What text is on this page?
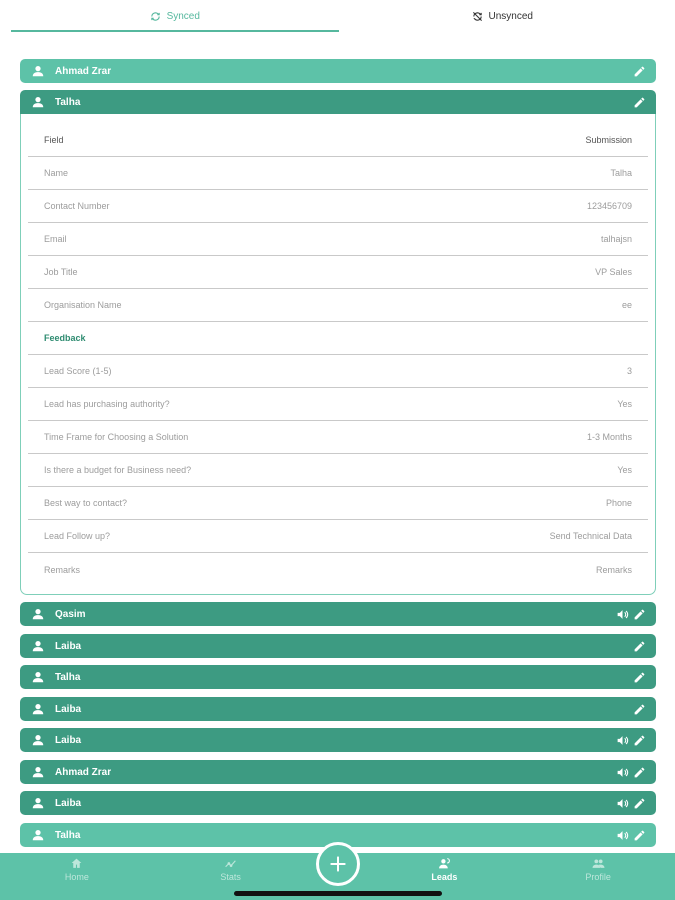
Synced	Unsynced
Ahmad Zrar
Talha
Field	Submission
Name	Talha
Contact Number	123456709
Email	talhajsn
Job Title	VP Sales
Organisation Name	ee
Feedback
Lead Score (1-5)	3
Lead has purchasing authority?	Yes
Time Frame for Choosing a Solution	1-3 Months
Is there a budget for Business need?	Yes
Best way to contact?	Phone
Lead Follow up?	Send Technical Data
Remarks	Remarks
Qasim
Laiba
Talha
Laiba
Laiba
Ahmad Zrar
Laiba
Talha
Home	Stats	Leads	Profile
